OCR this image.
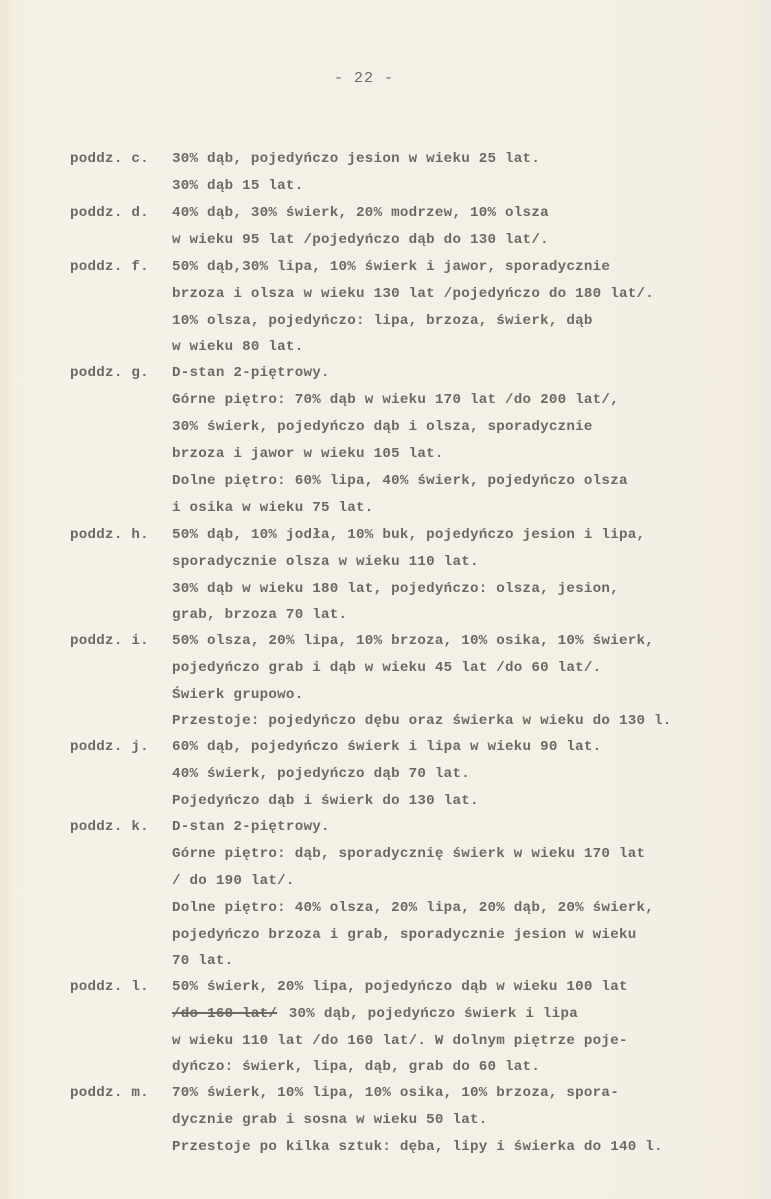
- 22 -
poddz. c. 30% dąb, pojedyńczo jesion w wieku 25 lat.
30% dąb 15 lat.
poddz. d. 40% dąb, 30% świerk, 20% modrzew, 10% olsza
w wieku 95 lat /pojedyńczo dąb do 130 lat/.
poddz. f. 50% dąb,30% lipa, 10% świerk i jawor, sporadycznie
brzoza i olsza w wieku 130 lat /pojedyńczo do 180 lat/.
10% olsza, pojedyńczo: lipa, brzoza, świerk, dąb
w wieku 80 lat.
poddz. g. D-stan 2-piętrowy.
Górne piętro: 70% dąb w wieku 170 lat /do 200 lat/,
30% świerk, pojedyńczo dąb i olsza, sporadycznie
brzoza i jawor w wieku 105 lat.
Dolne piętro: 60% lipa, 40% świerk, pojedyńczo olsza
i osika w wieku 75 lat.
poddz. h. 50% dąb, 10% jodła, 10% buk, pojedyńczo jesion i lipa,
sporadycznie olsza w wieku 110 lat.
30% dąb w wieku 180 lat, pojedyńczo: olsza, jesion,
grab, brzoza 70 lat.
poddz. i. 50% olsza, 20% lipa, 10% brzoza, 10% osika, 10% świerk,
pojedyńczo grab i dąb w wieku 45 lat /do 60 lat/.
Świerk grupowo.
Przestoje: pojedyńczo dębu oraz świerka w wieku do 130 l.
poddz. j. 60% dąb, pojedyńczo świerk i lipa w wieku 90 lat.
40% świerk, pojedyńczo dąb 70 lat.
Pojedyńczo dąb i świerk do 130 lat.
poddz. k. D-stan 2-piętrowy.
Górne piętro: dąb, sporadycznię świerk w wieku 170 lat
/ do 190 lat/.
Dolne piętro: 40% olsza, 20% lipa, 20% dąb, 20% świerk,
pojedyńczo brzoza i grab, sporadycznie jesion w wieku
70 lat.
poddz. l. 50% świerk, 20% lipa, pojedyńczo dąb w wieku 100 lat
/do 160 lat/ 30% dąb, pojedyńczo świerk i lipa
w wieku 110 lat /do 160 lat/. W dolnym piętrze poje-
dyńczo: świerk, lipa, dąb, grab do 60 lat.
poddz. m. 70% świerk, 10% lipa, 10% osika, 10% brzoza, spora-
dycznie grab i sosna w wieku 50 lat.
Przestoje po kilka sztuk: dęba, lipy i świerka do 140 l.
